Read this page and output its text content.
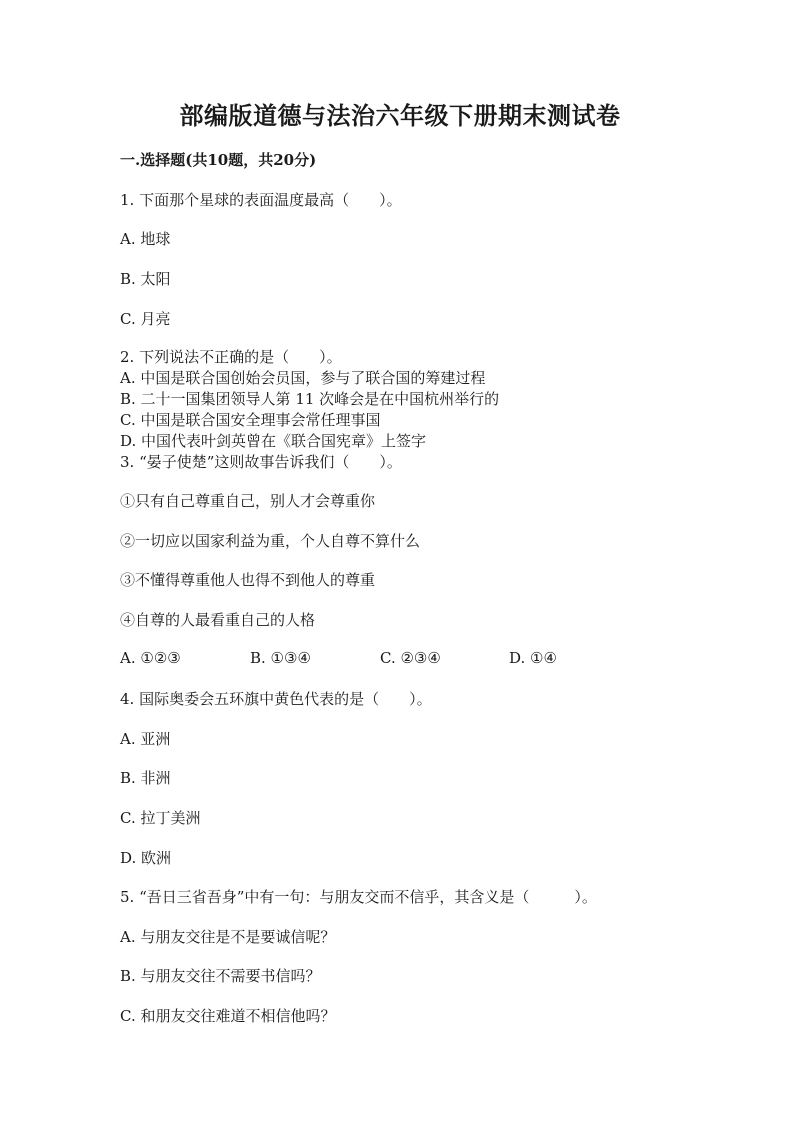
部编版道德与法治六年级下册期末测试卷
一.选择题(共10题，共20分)
1. 下面那个星球的表面温度最高（　　）。
A. 地球
B. 太阳
C. 月亮
2. 下列说法不正确的是（　　）。
A. 中国是联合国创始会员国，参与了联合国的筹建过程
B. 二十一国集团领导人第 11 次峰会是在中国杭州举行的
C. 中国是联合国安全理事会常任理事国
D. 中国代表叶剑英曾在《联合国宪章》上签字
3. “晏子使楚”这则故事告诉我们（　　）。
①只有自己尊重自己，别人才会尊重你
②一切应以国家利益为重，个人自尊不算什么
③不懂得尊重他人也得不到他人的尊重
④自尊的人最看重自己的人格
A. ①②③	B. ①③④	C. ②③④	D. ①④
4. 国际奥委会五环旗中黄色代表的是（　　）。
A. 亚洲
B. 非洲
C. 拉丁美洲
D. 欧洲
5. “吾日三省吾身”中有一句：与朋友交而不信乎，其含义是（　　　）。
A. 与朋友交往是不是要诚信呢？
B. 与朋友交往不需要书信吗？
C. 和朋友交往难道不相信他吗？
